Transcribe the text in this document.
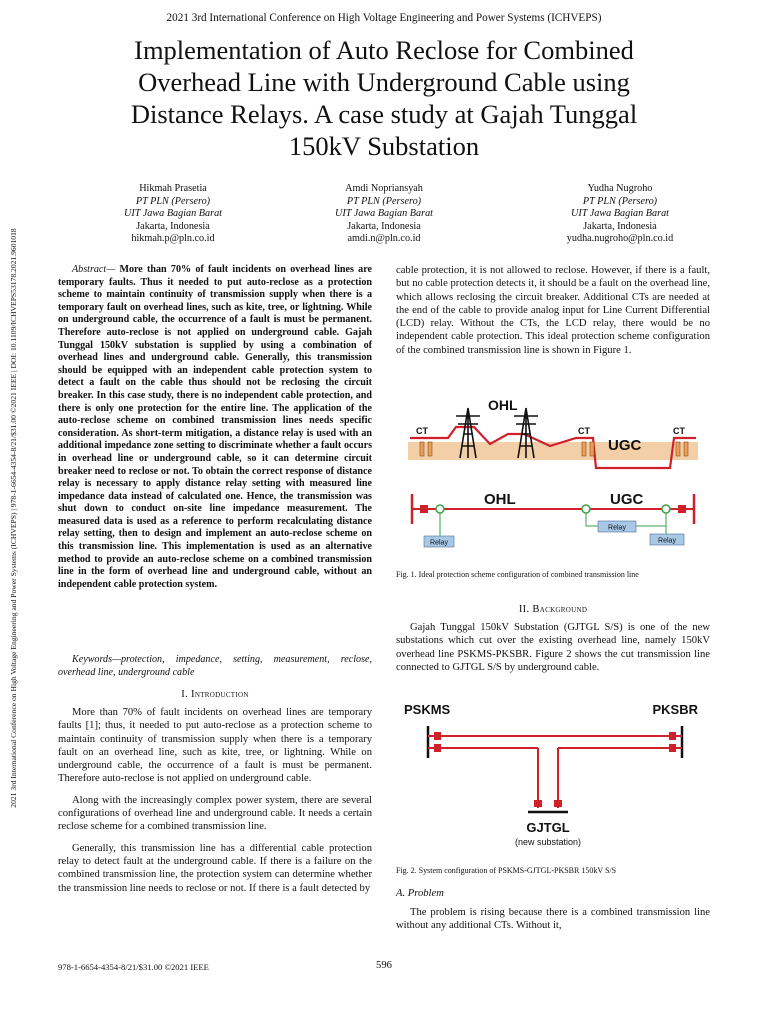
2021 3rd International Conference on High Voltage Engineering and Power Systems (ICHVEPS)
2021 3rd International Conference on High Voltage Engineering and Power Systems (ICHVEPS) | 978-1-6654-4354-8/21/$31.00 ©2021 IEEE | DOI: 10.1109/ICHVEPS53178.2021.9601018
Implementation of Auto Reclose for Combined
Overhead Line with Underground Cable using
Distance Relays. A case study at Gajah Tunggal
150kV Substation
Hikmah Prasetia
PT PLN (Persero)
UIT Jawa Bagian Barat
Jakarta, Indonesia
hikmah.p@pln.co.id
Amdi Nopriansyah
PT PLN (Persero)
UIT Jawa Bagian Barat
Jakarta, Indonesia
amdi.n@pln.co.id
Yudha Nugroho
PT PLN (Persero)
UIT Jawa Bagian Barat
Jakarta, Indonesia
yudha.nugroho@pln.co.id
Abstract— More than 70% of fault incidents on overhead lines are temporary faults. Thus it needed to put auto-reclose as a protection scheme to maintain continuity of transmission supply when there is a temporary fault on overhead lines, such as kite, tree, or lightning. While on underground cable, the occurrence of a fault is must be permanent. Therefore auto-reclose is not applied on underground cable. Gajah Tunggal 150kV substation is supplied by using a combination of overhead lines and underground cable. Generally, this transmission should be equipped with an independent cable protection system to detect a fault on the cable thus should not be reclosing the circuit breaker. In this case study, there is no independent cable protection, and there is only one protection for the entire line. The application of the auto-reclose scheme on combined transmission lines needs specific consideration. As short-term mitigation, a distance relay is used with an additional impedance zone setting to discriminate whether a fault occurs in overhead line or underground cable, so it can determine circuit breaker need to reclose or not. To obtain the correct response of distance relay is necessary to apply distance relay setting with measured line impedance data instead of calculated one. Hence, the transmission was shut down to conduct on-site line impedance measurement. The measured data is used as a reference to perform recalculating distance relay setting, then to design and implement an auto-reclose scheme on this transmission line. This implementation is used as an alternative method to provide an auto-reclose scheme on a combined transmission line in the form of overhead line and underground cable, without an independent cable protection system.
Keywords—protection, impedance, setting, measurement, reclose, overhead line, underground cable
I. Introduction

More than 70% of fault incidents on overhead lines are temporary faults [1]; thus, it needed to put auto-reclose as a protection scheme to maintain continuity of transmission supply when there is a temporary fault on an overhead line, such as kite, tree, or lightning. While on underground cable, the occurrence of a fault is must be permanent. Therefore auto-reclose is not applied on underground cable.

Along with the increasingly complex power system, there are several configurations of overhead line and underground cable. It needs a certain reclose scheme for a combined transmission line.

Generally, this transmission line has a differential cable protection relay to detect fault at the underground cable. If there is a failure on the combined transmission line, the protection system can determine whether the transmission line needs to reclose or not. If there is a fault detected by

cable protection, it is not allowed to reclose. However, if there is a fault, but no cable protection detects it, it should be a fault on the overhead line, which allows reclosing the circuit breaker. Additional CTs are needed at the end of the cable to provide analog input for Line Current Differential (LCD) relay. Without the CTs, the LCD relay, there would be no independent cable protection. This ideal protection scheme configuration of the combined transmission line is shown in Figure 1.

OHL
UGC
CT	CT	CT
OHL	UGC
Relay
Relay
Relay
Fig. 1. Ideal protection scheme configuration of combined transmission line
II. Background

Gajah Tunggal 150kV Substation (GJTGL S/S) is one of the new substations which cut over the existing overhead line, namely 150kV overhead line PSKMS-PKSBR. Figure 2 shows the cut transmission line connected to GJTGL S/S by underground cable.

PSKMS	PKSBR
GJTGL
(new substation)
Fig. 2. System configuration of PSKMS-GJTGL-PKSBR 150kV S/S
A. Problem

The problem is rising because there is a combined transmission line without any additional CTs. Without it,

978-1-6654-4354-8/21/$31.00 ©2021 IEEE	596
